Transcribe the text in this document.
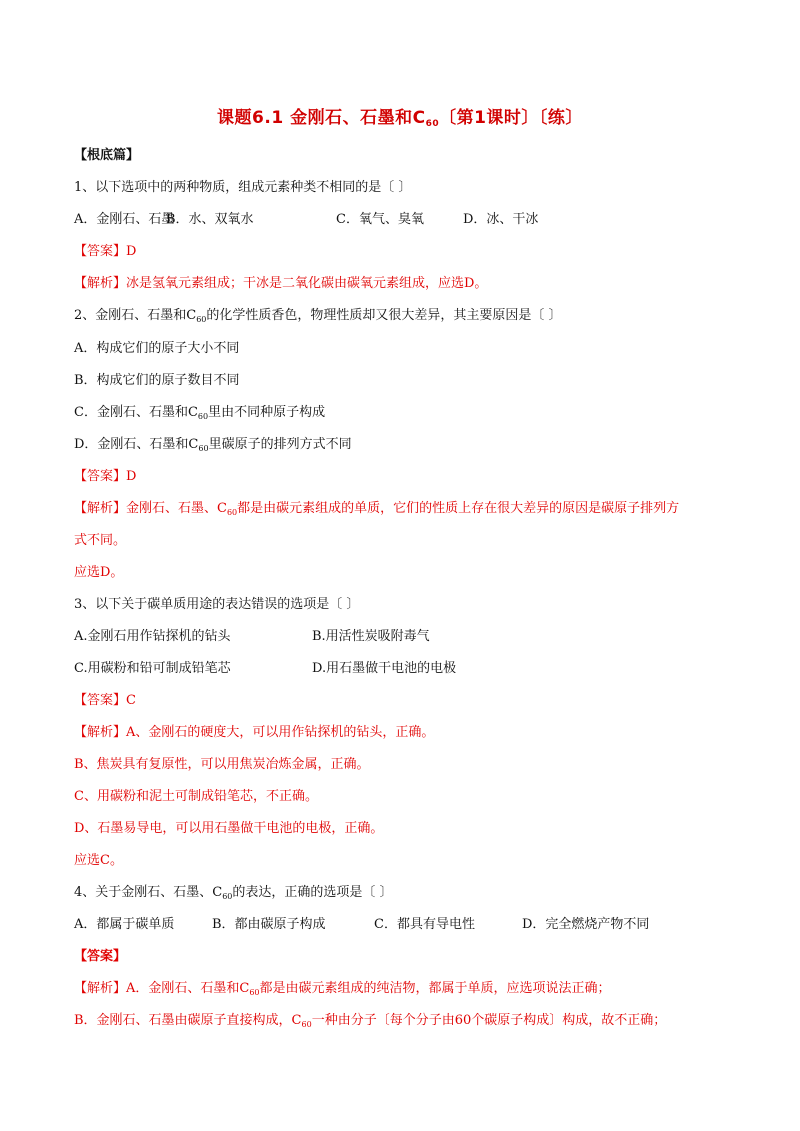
课题6.1 金刚石、石墨和$C_{60}$〔第1课时〕〔练〕
【根底篇】
1、以下选项中的两种物质，组成元素种类不相同的是〔 〕
A．金刚石、石墨
B．水、双氧水	C．氧气、臭氧	D．冰、干冰
【答案】D
【解析】冰是氢氧元素组成；干冰是二氧化碳由碳氧元素组成，应选D。
2、金刚石、石墨和$C_{60}$的化学性质香色，物理性质却又很大差异，其主要原因是〔 〕
A．构成它们的原子大小不同
B．构成它们的原子数目不同
C．金刚石、石墨和$C_{60}$里由不同种原子构成
D．金刚石、石墨和$C_{60}$里碳原子的排列方式不同
【答案】D
【解析】金刚石、石墨、$C_{60}$都是由碳元素组成的单质，它们的性质上存在很大差异的原因是碳原子排列方
式不同。
应选D。
3、以下关于碳单质用途的表达错误的选项是〔 〕
A.金刚石用作钻探机的钻头	B.用活性炭吸附毒气
C.用碳粉和铅可制成铅笔芯	D.用石墨做干电池的电极
【答案】C
【解析】A、金刚石的硬度大，可以用作钻探机的钻头，正确。
B、焦炭具有复原性，可以用焦炭冶炼金属，正确。
C、用碳粉和泥土可制成铅笔芯，不正确。
D、石墨易导电，可以用石墨做干电池的电极，正确。
应选C。
4、关于金刚石、石墨、$C_{60}$的表达，正确的选项是〔 〕
A．都属于碳单质	B．都由碳原子构成	C．都具有导电性	D．完全燃烧产物不同
【答案】
【解析】A．金刚石、石墨和$C_{60}$都是由碳元素组成的纯洁物，都属于单质，应选项说法正确；
B．金刚石、石墨由碳原子直接构成，$C_{60}$一种由分子〔每个分子由60个碳原子构成〕构成，故不正确；
